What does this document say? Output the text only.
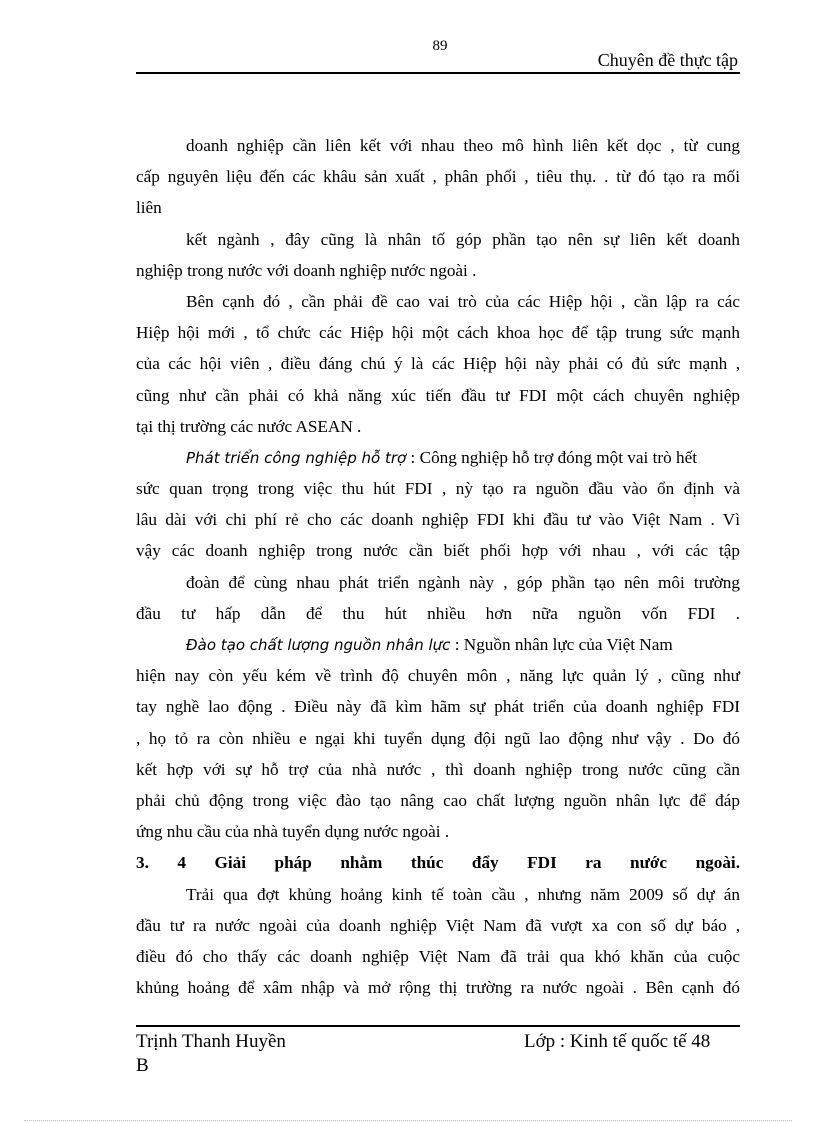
89
Chuyên đề thực tập
doanh nghiệp cần liên kết với nhau theo mô hình liên kết dọc , từ cung
cấp nguyên liệu đến các khâu sản xuất , phân phối , tiêu thụ. . từ đó tạo ra mối
liên
kết ngành , đây cũng là nhân tố góp phần tạo nên sự liên kết doanh
nghiệp trong nước với doanh nghiệp nước ngoài .
Bên cạnh đó , cần phải đề cao vai trò của các Hiệp hội , cần lập ra các
Hiệp hội mới , tổ chức các Hiệp hội một cách khoa học để tập trung sức mạnh
của các hội viên , điều đáng chú ý là các Hiệp hội này phải có đủ sức mạnh ,
cũng như cần phải có khả năng xúc tiến đầu tư FDI một cách chuyên nghiệp
tại thị trường các nước ASEAN .
Phát triển công nghiệp hỗ trợ : Công nghiệp hỗ trợ đóng một vai trò hết
sức quan trọng trong việc thu hút FDI , nỳ tạo ra nguồn đầu vào ổn định và
lâu dài với chi phí rẻ cho các doanh nghiệp FDI khi đầu tư vào Việt Nam . Vì
vậy các doanh nghiệp trong nước cần biết phối hợp với nhau , với các tập
đoàn để cùng nhau phát triển ngành này , góp phần tạo nên môi trường
đầu tư hấp dẫn để thu hút nhiều hơn nữa nguồn vốn FDI .
Đào tạo chất lượng nguồn nhân lực : Nguồn nhân lực của Việt Nam
hiện nay còn yếu kém về trình độ chuyên môn , năng lực quản lý , cũng như
tay nghề lao động . Điều này đã kìm hãm sự phát triển của doanh nghiệp FDI
, họ tỏ ra còn nhiều e ngại khi tuyển dụng đội ngũ lao động như vậy . Do đó
kết hợp với sự hỗ trợ của nhà nước , thì doanh nghiệp trong nước cũng cần
phải chủ động trong việc đào tạo nâng cao chất lượng nguồn nhân lực để đáp
ứng nhu cầu của nhà tuyển dụng nước ngoài .
3. 4 Giải pháp nhằm thúc đẩy FDI ra nước ngoài.
Trải qua đợt khủng hoảng kinh tế toàn cầu , nhưng năm 2009 số dự án
đầu tư ra nước ngoài của doanh nghiệp Việt Nam đã vượt xa con số dự báo ,
điều đó cho thấy các doanh nghiệp Việt Nam đã trải qua khó khăn của cuộc
khủng hoảng để xâm nhập và mở rộng thị trường ra nước ngoài . Bên cạnh đó
Trịnh Thanh Huyền	Lớp : Kinh tế quốc tế 48
B
